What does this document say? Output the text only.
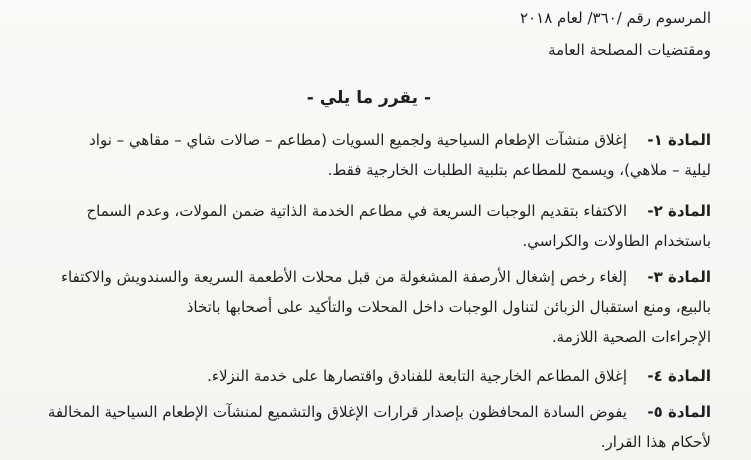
المرسوم رقم /٣٦٠/ لعام ٢٠١٨
ومقتضيات المصلحة العامة
- يقرر ما يلي -
المادة ١-
إغلاق منشآت الإطعام السياحية ولجميع السويات (مطاعم – صالات شاي – مقاهي – نواد
ليلية – ملاهي)، ويسمح للمطاعم بتلبية الطلبات الخارجية فقط.
المادة ٢-
الاكتفاء بتقديم الوجبات السريعة في مطاعم الخدمة الذاتية ضمن المولات، وعدم السماح
باستخدام الطاولات والكراسي.
المادة ٣-
إلغاء رخص إشغال الأرصفة المشغولة من قبل محلات الأطعمة السريعة والسندويش والاكتفاء
بالبيع، ومنع استقبال الزبائن لتناول الوجبات داخل المحلات والتأكيد على أصحابها باتخاذ
الإجراءات الصحية اللازمة.
المادة ٤-
إغلاق المطاعم الخارجية التابعة للفنادق واقتصارها على خدمة النزلاء.
المادة ٥-
يفوض السادة المحافظون بإصدار قرارات الإغلاق والتشميع لمنشآت الإطعام السياحية المخالفة
لأحكام هذا القرار.
